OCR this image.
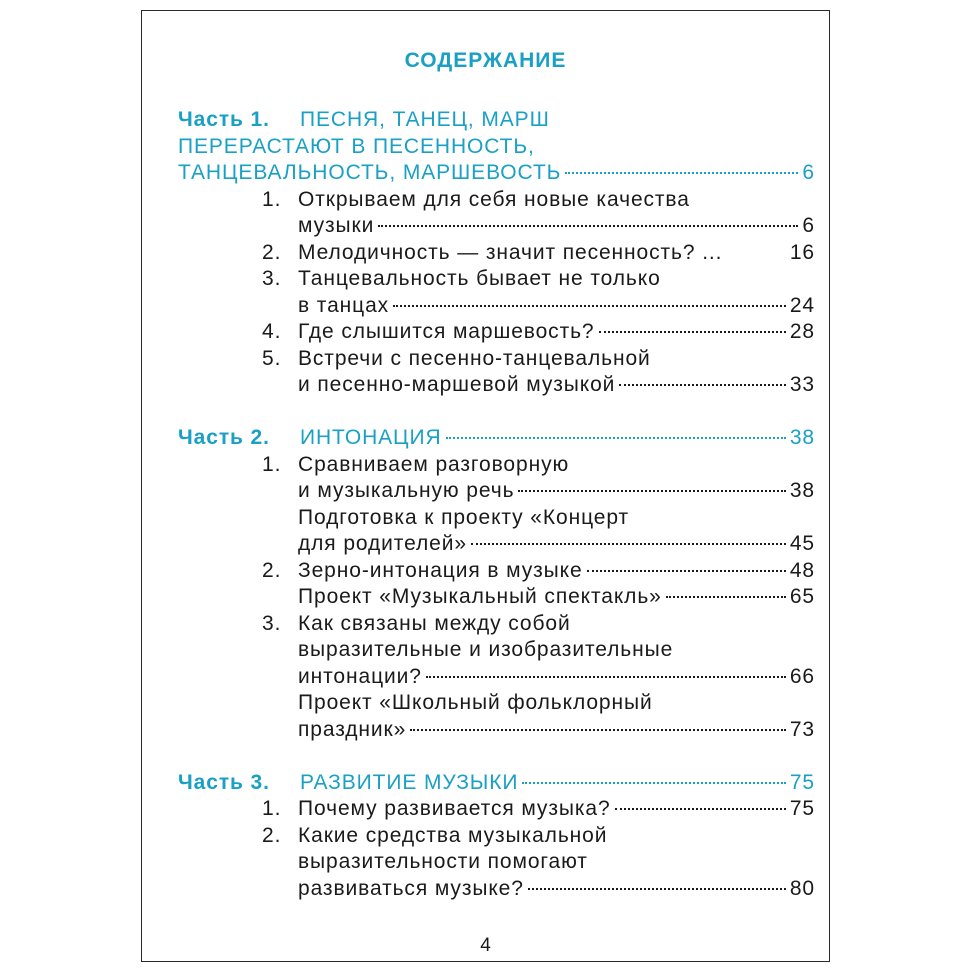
СОДЕРЖАНИЕ
Часть 1.	ПЕСНЯ, ТАНЕЦ, МАРШ
ПЕРЕРАСТАЮТ В ПЕСЕННОСТЬ,
ТАНЦЕВАЛЬНОСТЬ, МАРШЕВОСТЬ	6
1. Открываем для себя новые качества
музыки	6
2. Мелодичность — значит песенность? ...	16
3. Танцевальность бывает не только
в танцах	24
4. Где слышится маршевость?	28
5. Встречи с песенно-танцевальной
и песенно-маршевой музыкой	33
Часть 2.	ИНТОНАЦИЯ	38
1. Сравниваем разговорную
и музыкальную речь	38
Подготовка к проекту «Концерт
для родителей»	45
2. Зерно-интонация в музыке	48
Проект «Музыкальный спектакль»	65
3. Как связаны между собой
выразительные и изобразительные
интонации?	66
Проект «Школьный фольклорный
праздник»	73
Часть 3.	РАЗВИТИЕ МУЗЫКИ	75
1. Почему развивается музыка?	75
2. Какие средства музыкальной
выразительности помогают
развиваться музыке?	80
4
